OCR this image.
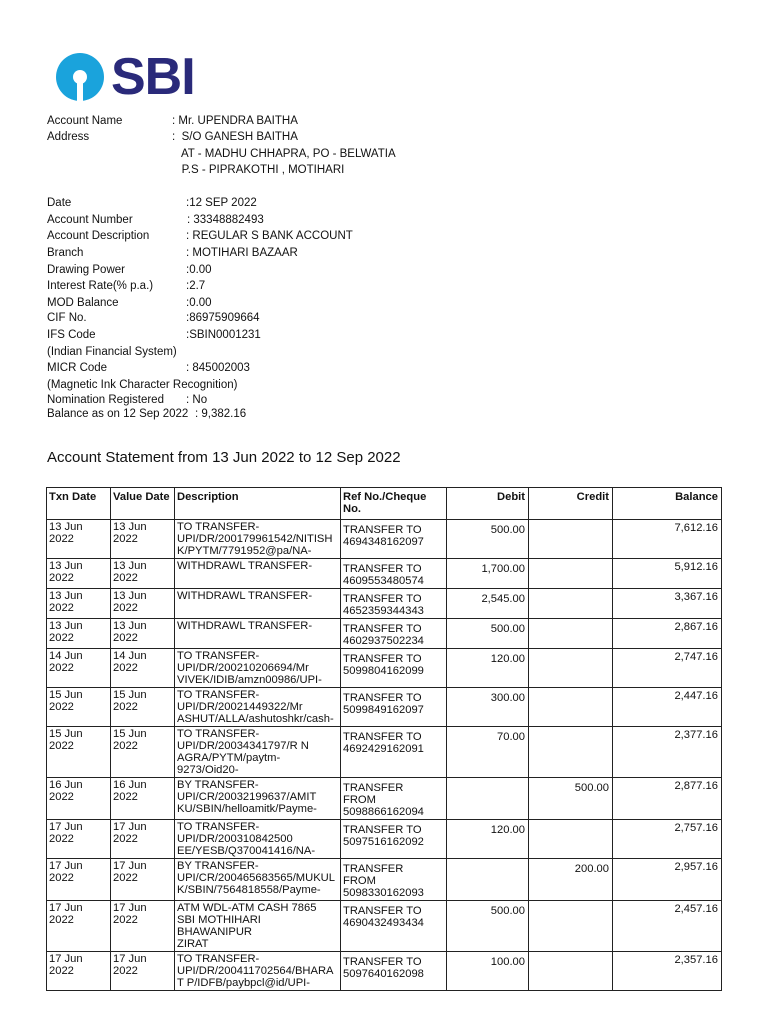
SBI
Account Name	: Mr. UPENDRA BAITHA
Address	:  S/O GANESH BAITHA
AT - MADHU CHHAPRA, PO - BELWATIA
P.S - PIPRAKOTHI , MOTIHARI
Date	:12 SEP 2022
Account Number	: 33348882493
Account Description	: REGULAR S BANK ACCOUNT
Branch	: MOTIHARI BAZAAR
Drawing Power	:0.00
Interest Rate(% p.a.)	:2.7
MOD Balance	:0.00
CIF No.	:86975909664
IFS Code	:SBIN0001231
(Indian Financial System)
MICR Code	: 845002003
(Magnetic Ink Character Recognition)
Nomination Registered : No
Balance as on 12 Sep 2022 : 9,382.16
Account Statement from 13 Jun 2022 to 12 Sep 2022
Txn Date	Value Date	Description	Ref No./Cheque No.	Debit	Credit	Balance
13 Jun 2022	13 Jun 2022	TO TRANSFER-
UPI/DR/200179961542/NITISH
K/PYTM/7791952@pa/NA-	TRANSFER TO
4694348162097	500.00		7,612.16
13 Jun 2022	13 Jun 2022	WITHDRAWL TRANSFER-	TRANSFER TO
4609553480574	1,700.00		5,912.16
13 Jun 2022	13 Jun 2022	WITHDRAWL TRANSFER-	TRANSFER TO
4652359344343	2,545.00		3,367.16
13 Jun 2022	13 Jun 2022	WITHDRAWL TRANSFER-	TRANSFER TO
4602937502234	500.00		2,867.16
14 Jun 2022	14 Jun 2022	TO TRANSFER-
UPI/DR/200210206694/Mr
VIVEK/IDIB/amzn00986/UPI-	TRANSFER TO
5099804162099	120.00		2,747.16
15 Jun 2022	15 Jun 2022	TO TRANSFER-
UPI/DR/20021449322/Mr
ASHUT/ALLA/ashutoshkr/cash-	TRANSFER TO
5099849162097	300.00		2,447.16
15 Jun 2022	15 Jun 2022	TO TRANSFER-
UPI/DR/20034341797/R N
AGRA/PYTM/paytm-
9273/Oid20-	TRANSFER TO
4692429162091	70.00		2,377.16
16 Jun 2022	16 Jun 2022	BY TRANSFER-
UPI/CR/20032199637/AMIT
KU/SBIN/helloamitk/Payme-	TRANSFER
FROM
5098866162094		500.00	2,877.16
17 Jun 2022	17 Jun 2022	TO TRANSFER-
UPI/DR/200310842500
EE/YESB/Q370041416/NA-	TRANSFER TO
5097516162092	120.00		2,757.16
17 Jun 2022	17 Jun 2022	BY TRANSFER-
UPI/CR/200465683565/MUKUL
K/SBIN/7564818558/Payme-	TRANSFER
FROM
5098330162093		200.00	2,957.16
17 Jun 2022	17 Jun 2022	ATM WDL-ATM CASH 7865
SBI MOTHIHARI BHAWANIPUR
ZIRAT	TRANSFER TO
4690432493434	500.00		2,457.16
17 Jun 2022	17 Jun 2022	TO TRANSFER-
UPI/DR/200411702564/BHARA
T P/IDFB/paybpcl@id/UPI-	TRANSFER TO
5097640162098	100.00		2,357.16
